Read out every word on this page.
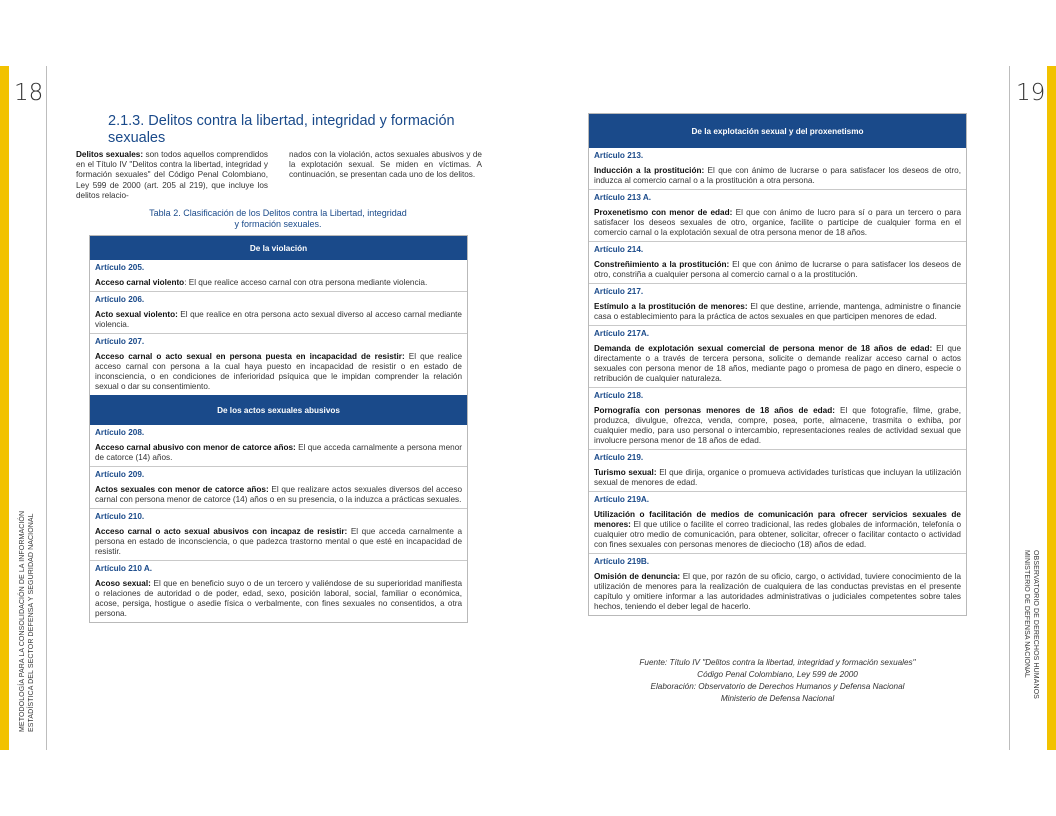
18	19
METODOLOGÍA PARA LA CONSOLIDACIÓN DE LA INFORMACIÓN ESTADÍSTICA DEL SECTOR DEFENSA Y SEGURIDAD NACIONAL	OBSERVATORIO DE DERECHOS HUMANOS
MINISTERIO DE DEFENSA NACIONAL
2.1.3. Delitos contra la libertad, integridad y formación sexuales
Delitos sexuales: son todos aquellos comprendidos en el Título IV "Delitos contra la libertad, integridad y formación sexuales" del Código Penal Colombiano, Ley 599 de 2000 (art. 205 al 219), que incluye los delitos relacio-
nados con la violación, actos sexuales abusivos y de la explotación sexual. Se miden en víctimas. A continuación, se presentan cada uno de los delitos.
Tabla 2. Clasificación de los Delitos contra la Libertad, integridad
y formación sexuales.
De la violación
Artículo 205.
Acceso carnal violento: El que realice acceso carnal con otra persona mediante violencia.
Artículo 206.
Acto sexual violento: El que realice en otra persona acto sexual diverso al acceso carnal mediante violencia.
Artículo 207.
Acceso carnal o acto sexual en persona puesta en incapacidad de resistir: El que realice acceso carnal con persona a la cual haya puesto en incapacidad de resistir o en estado de inconsciencia, o en condiciones de inferioridad psíquica que le impidan comprender la relación sexual o dar su consentimiento.
De los actos sexuales abusivos
Artículo 208.
Acceso carnal abusivo con menor de catorce años: El que acceda carnalmente a persona menor de catorce (14) años.
Artículo 209.
Actos sexuales con menor de catorce años: El que realizare actos sexuales diversos del acceso carnal con persona menor de catorce (14) años o en su presencia, o la induzca a prácticas sexuales.
Artículo 210.
Acceso carnal o acto sexual abusivos con incapaz de resistir: El que acceda carnalmente a persona en estado de inconsciencia, o que padezca trastorno mental o que esté en incapacidad de resistir.
Artículo 210 A.
Acoso sexual: El que en beneficio suyo o de un tercero y valiéndose de su superioridad manifiesta o relaciones de autoridad o de poder, edad, sexo, posición laboral, social, familiar o económica, acose, persiga, hostigue o asedie física o verbalmente, con fines sexuales no consentidos, a otra persona.
De la explotación sexual y del proxenetismo
Artículo 213.
Inducción a la prostitución: El que con ánimo de lucrarse o para satisfacer los deseos de otro, induzca al comercio carnal o a la prostitución a otra persona.
Artículo 213 A.
Proxenetismo con menor de edad: El que con ánimo de lucro para sí o para un tercero o para satisfacer los deseos sexuales de otro, organice, facilite o participe de cualquier forma en el comercio carnal o la explotación sexual de otra persona menor de 18 años.
Artículo 214.
Constreñimiento a la prostitución: El que con ánimo de lucrarse o para satisfacer los deseos de otro, constriña a cualquier persona al comercio carnal o a la prostitución.
Artículo 217.
Estímulo a la prostitución de menores: El que destine, arriende, mantenga, administre o financie casa o establecimiento para la práctica de actos sexuales en que participen menores de edad.
Artículo 217A.
Demanda de explotación sexual comercial de persona menor de 18 años de edad: El que directamente o a través de tercera persona, solicite o demande realizar acceso carnal o actos sexuales con persona menor de 18 años, mediante pago o promesa de pago en dinero, especie o retribución de cualquier naturaleza.
Artículo 218.
Pornografía con personas menores de 18 años de edad: El que fotografíe, filme, grabe, produzca, divulgue, ofrezca, venda, compre, posea, porte, almacene, trasmita o exhiba, por cualquier medio, para uso personal o intercambio, representaciones reales de actividad sexual que involucre persona menor de 18 años de edad.
Artículo 219.
Turismo sexual: El que dirija, organice o promueva actividades turísticas que incluyan la utilización sexual de menores de edad.
Artículo 219A.
Utilización o facilitación de medios de comunicación para ofrecer servicios sexuales de menores: El que utilice o facilite el correo tradicional, las redes globales de información, telefonía o cualquier otro medio de comunicación, para obtener, solicitar, ofrecer o facilitar contacto o actividad con fines sexuales con personas menores de dieciocho (18) años de edad.
Artículo 219B.
Omisión de denuncia: El que, por razón de su oficio, cargo, o actividad, tuviere conocimiento de la utilización de menores para la realización de cualquiera de las conductas previstas en el presente capítulo y omitiere informar a las autoridades administrativas o judiciales competentes sobre tales hechos, teniendo el deber legal de hacerlo.
Fuente: Título IV "Delitos contra la libertad, integridad y formación sexuales"
Código Penal Colombiano, Ley 599 de 2000
Elaboración: Observatorio de Derechos Humanos y Defensa Nacional
Ministerio de Defensa Nacional
